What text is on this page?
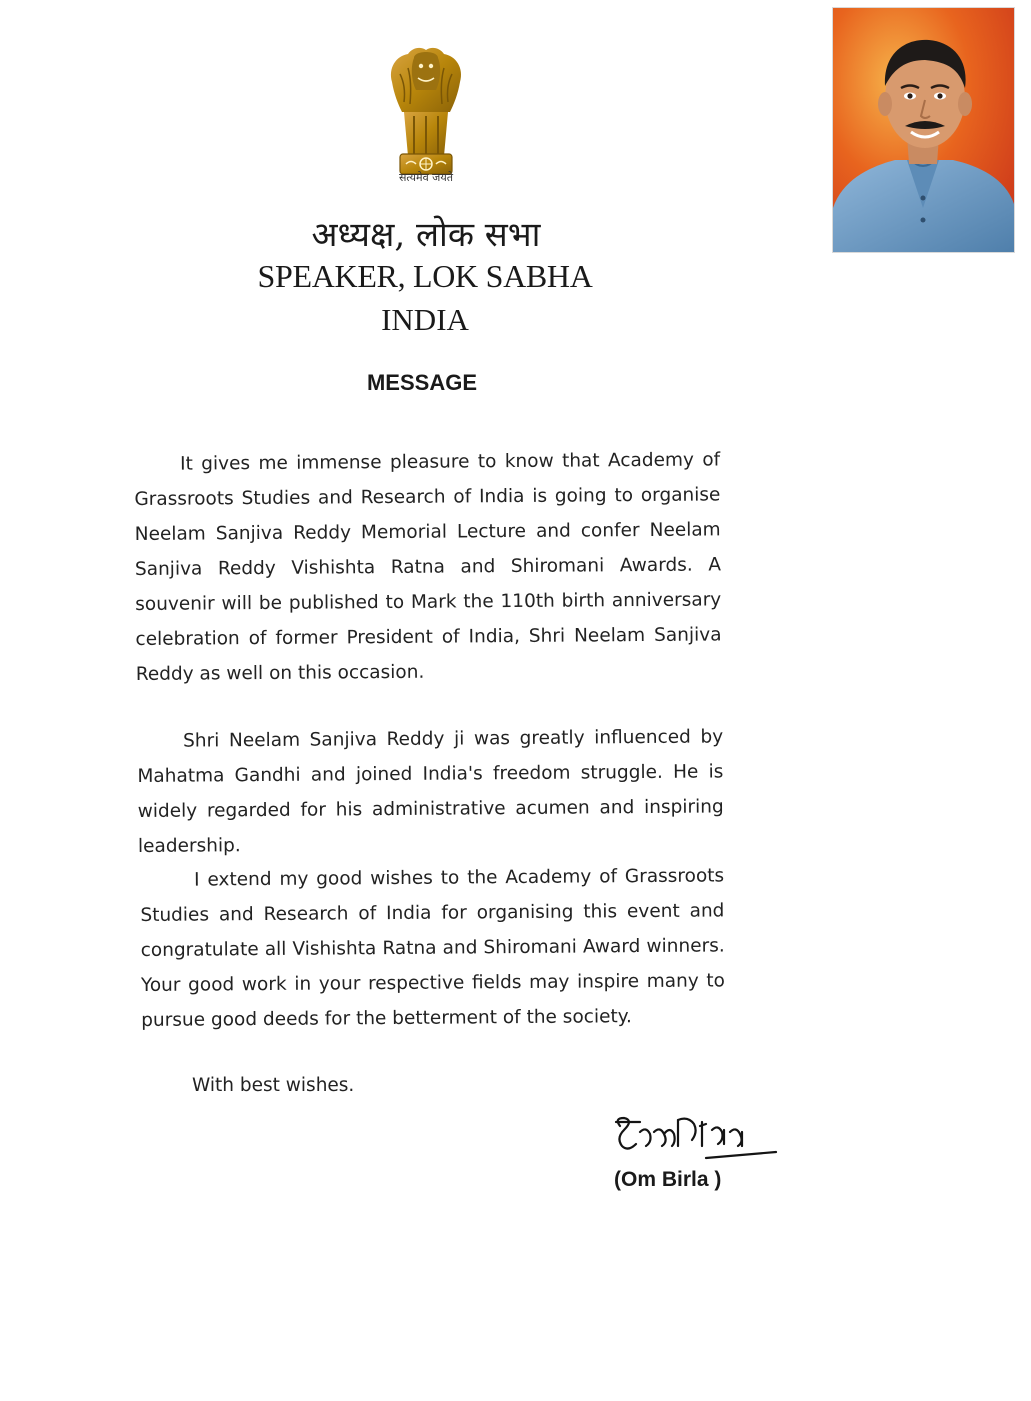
सत्यमेव जयते
अध्यक्ष, लोक सभा
SPEAKER, LOK SABHA
INDIA
MESSAGE

It gives me immense pleasure to know that Academy of Grassroots Studies and Research of India is going to organise Neelam Sanjiva Reddy Memorial Lecture and confer Neelam Sanjiva Reddy Vishishta Ratna and Shiromani Awards. A souvenir will be published to Mark the 110th birth anniversary celebration of former President of India, Shri Neelam Sanjiva Reddy as well on this occasion.

Shri Neelam Sanjiva Reddy ji was greatly influenced by Mahatma Gandhi and joined India's freedom struggle. He is widely regarded for his administrative acumen and inspiring leadership.

I extend my good wishes to the Academy of Grassroots Studies and Research of India for organising this event and congratulate all Vishishta Ratna and Shiromani Award winners. Your good work in your respective fields may inspire many to pursue good deeds for the betterment of the society.

With best wishes.
(Om Birla )
